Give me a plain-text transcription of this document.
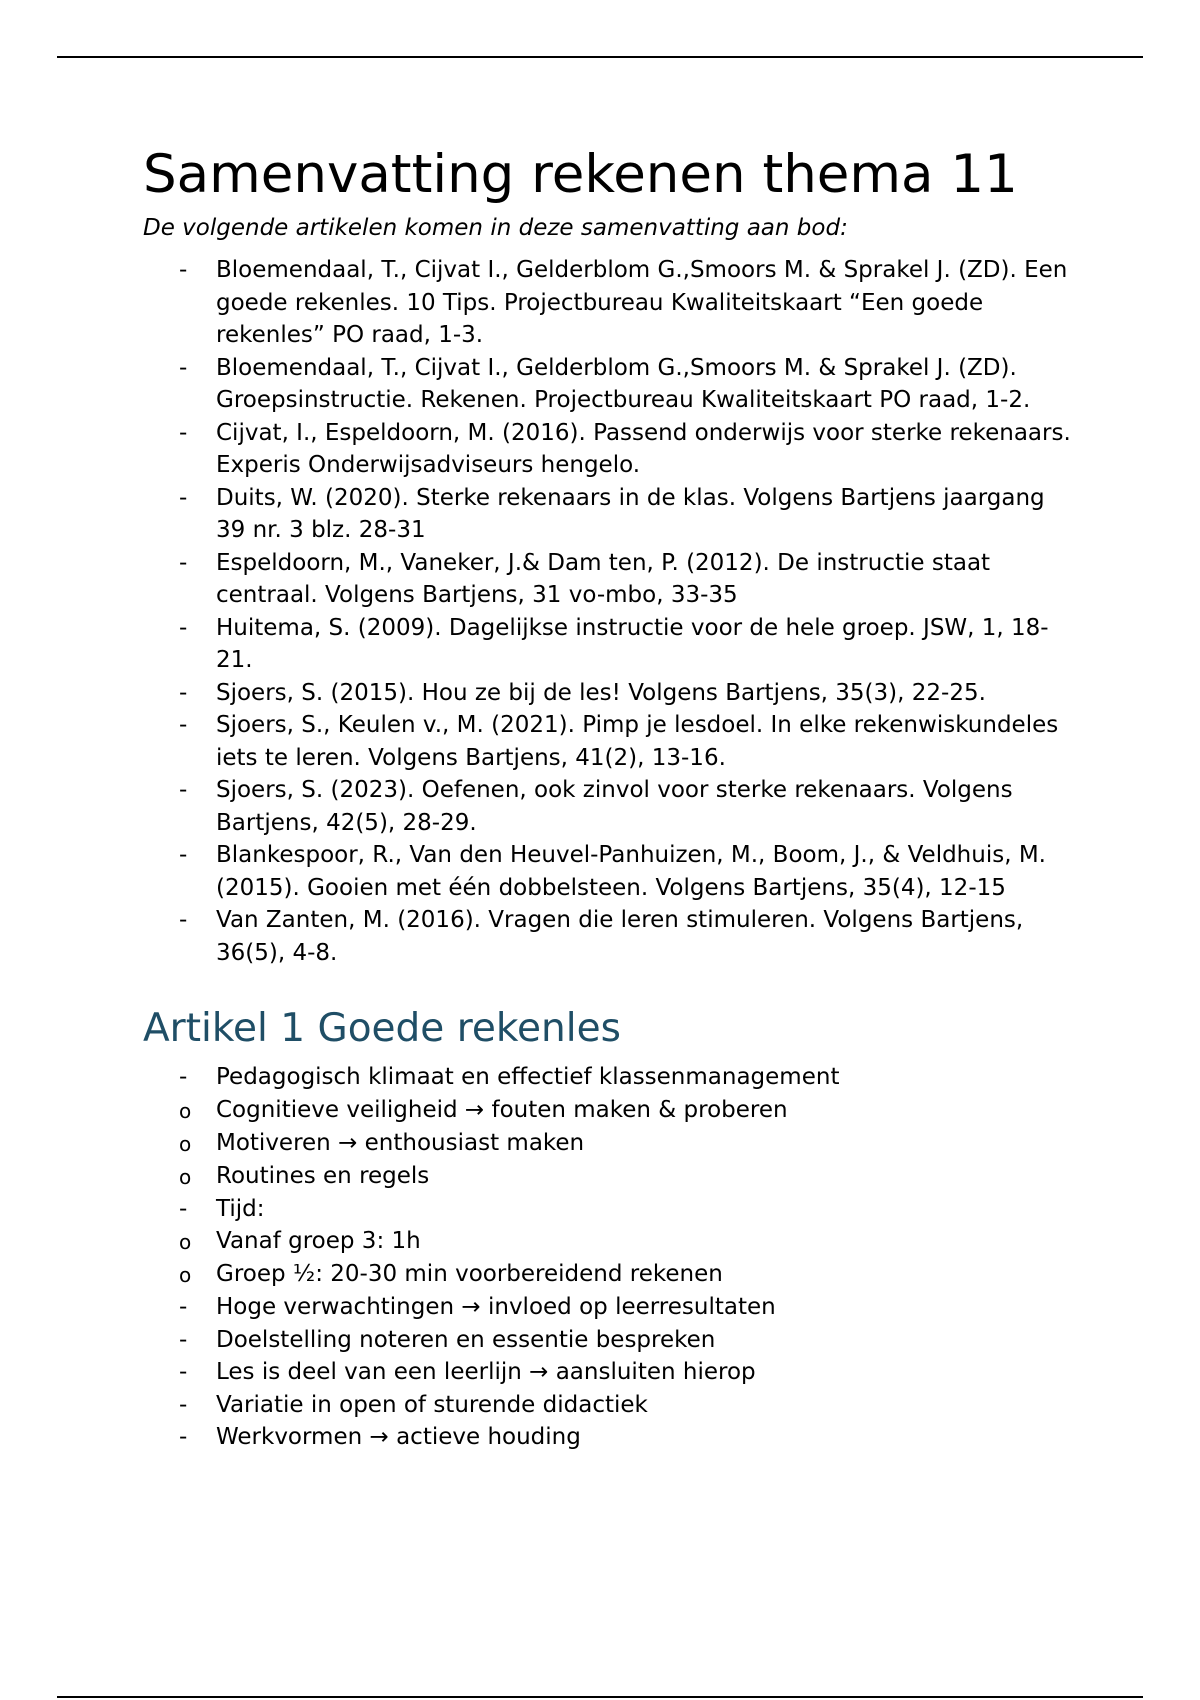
Samenvatting rekenen thema 11

De volgende artikelen komen in deze samenvatting aan bod:

- Bloemendaal, T., Cijvat I., Gelderblom G.,Smoors M. & Sprakel J. (ZD). Een goede rekenles. 10 Tips. Projectbureau Kwaliteitskaart “Een goede rekenles” PO raad, 1-3.
- Bloemendaal, T., Cijvat I., Gelderblom G.,Smoors M. & Sprakel J. (ZD). Groepsinstructie. Rekenen. Projectbureau Kwaliteitskaart PO raad, 1-2.
- Cijvat, I., Espeldoorn, M. (2016). Passend onderwijs voor sterke rekenaars. Experis Onderwijsadviseurs hengelo.
- Duits, W. (2020). Sterke rekenaars in de klas. Volgens Bartjens jaargang 39 nr. 3 blz. 28-31
- Espeldoorn, M., Vaneker, J.& Dam ten, P. (2012). De instructie staat centraal. Volgens Bartjens, 31 vo-mbo, 33-35
- Huitema, S. (2009). Dagelijkse instructie voor de hele groep. JSW, 1, 18-21.
- Sjoers, S. (2015). Hou ze bij de les! Volgens Bartjens, 35(3), 22-25.
- Sjoers, S., Keulen v., M. (2021). Pimp je lesdoel. In elke rekenwiskundeles iets te leren. Volgens Bartjens, 41(2), 13-16.
- Sjoers, S. (2023). Oefenen, ook zinvol voor sterke rekenaars. Volgens Bartjens, 42(5), 28-29.
- Blankespoor, R., Van den Heuvel-Panhuizen, M., Boom, J., & Veldhuis, M. (2015). Gooien met één dobbelsteen. Volgens Bartjens, 35(4), 12-15
- Van Zanten, M. (2016). Vragen die leren stimuleren. Volgens Bartjens, 36(5), 4-8.
Artikel 1 Goede rekenles
- Pedagogisch klimaat en effectief klassenmanagement
o Cognitieve veiligheid → fouten maken & proberen
o Motiveren → enthousiast maken
o Routines en regels
- Tijd:
o Vanaf groep 3: 1h
o Groep ½: 20-30 min voorbereidend rekenen
- Hoge verwachtingen → invloed op leerresultaten
- Doelstelling noteren en essentie bespreken
- Les is deel van een leerlijn → aansluiten hierop
- Variatie in open of sturende didactiek
- Werkvormen → actieve houding
